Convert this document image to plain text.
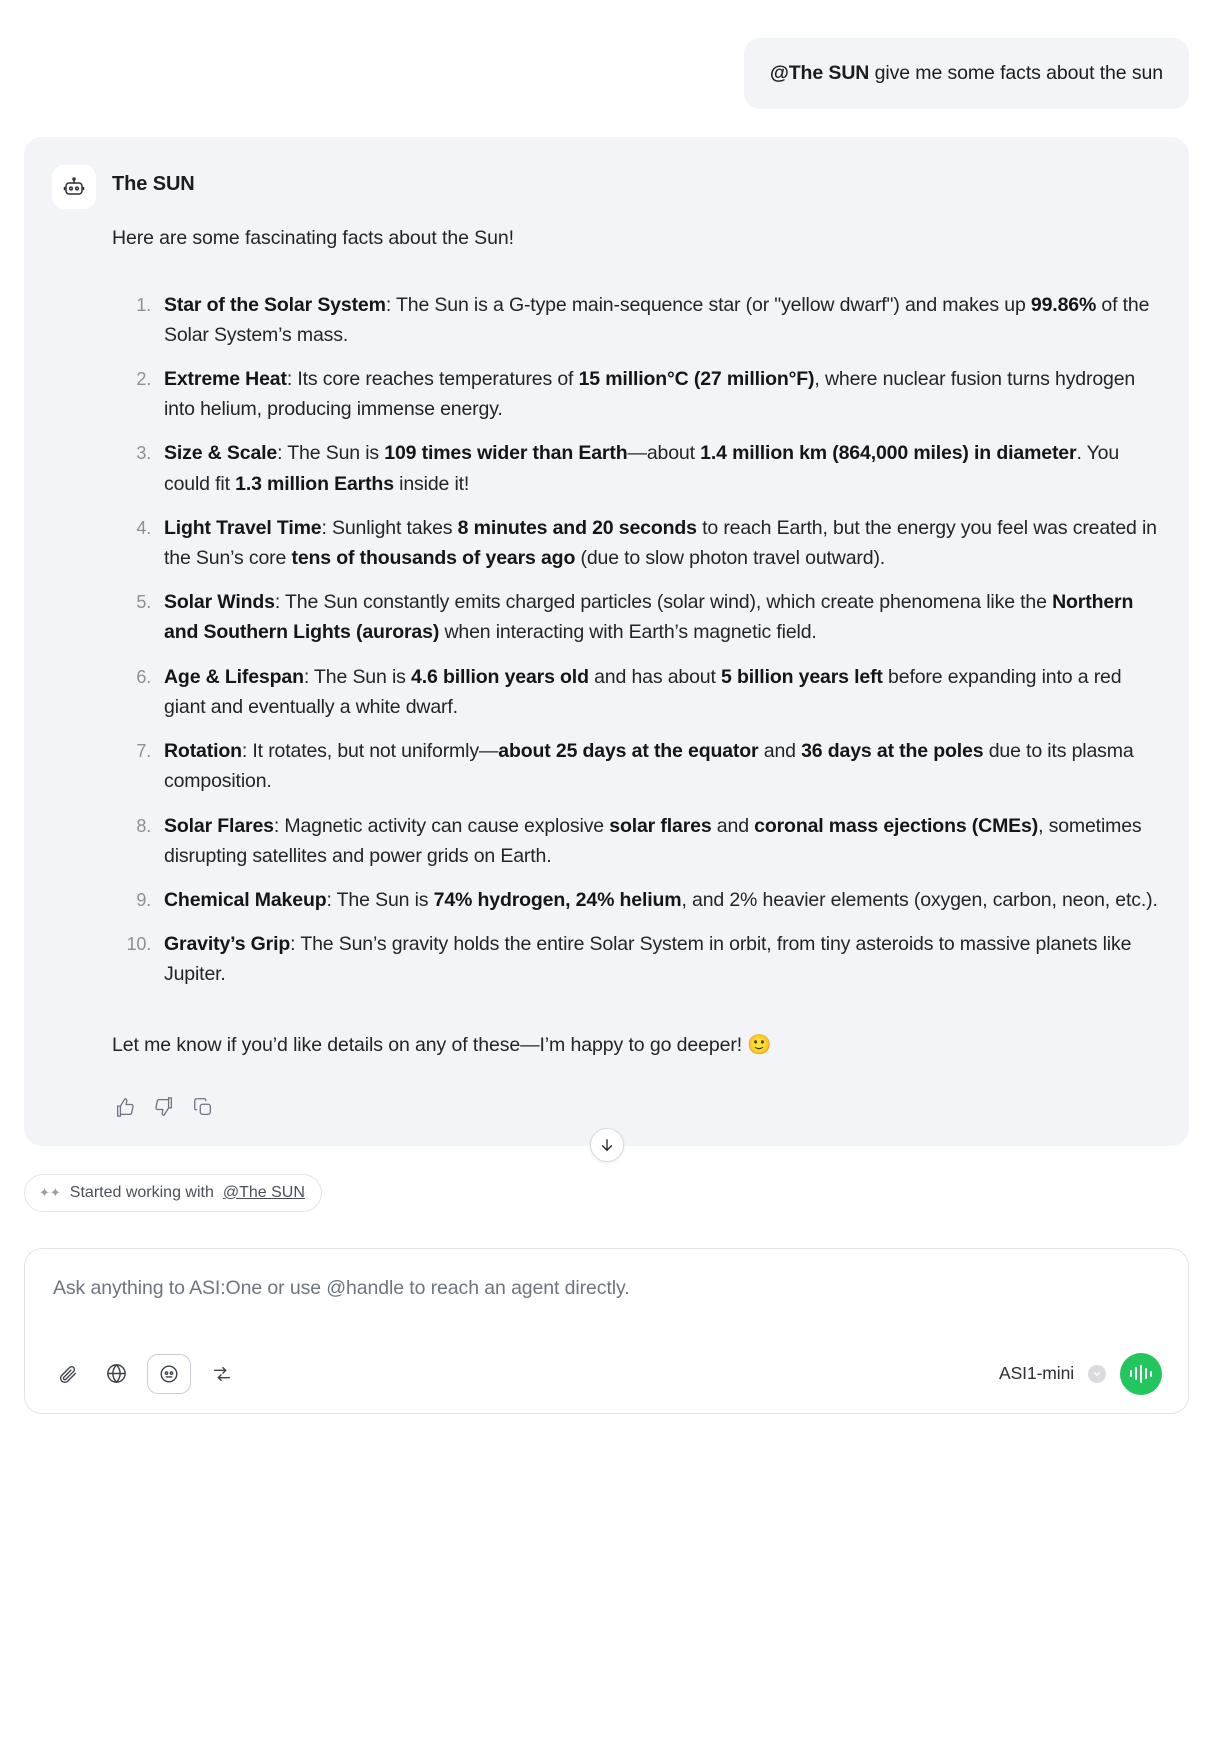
@The SUN give me some facts about the sun
The SUN
Here are some fascinating facts about the Sun!
1. Star of the Solar System: The Sun is a G-type main-sequence star (or "yellow dwarf") and makes up 99.86% of the Solar System’s mass.
2. Extreme Heat: Its core reaches temperatures of 15 million°C (27 million°F), where nuclear fusion turns hydrogen into helium, producing immense energy.
3. Size & Scale: The Sun is 109 times wider than Earth—about 1.4 million km (864,000 miles) in diameter. You could fit 1.3 million Earths inside it!
4. Light Travel Time: Sunlight takes 8 minutes and 20 seconds to reach Earth, but the energy you feel was created in the Sun’s core tens of thousands of years ago (due to slow photon travel outward).
5. Solar Winds: The Sun constantly emits charged particles (solar wind), which create phenomena like the Northern and Southern Lights (auroras) when interacting with Earth’s magnetic field.
6. Age & Lifespan: The Sun is 4.6 billion years old and has about 5 billion years left before expanding into a red giant and eventually a white dwarf.
7. Rotation: It rotates, but not uniformly—about 25 days at the equator and 36 days at the poles due to its plasma composition.
8. Solar Flares: Magnetic activity can cause explosive solar flares and coronal mass ejections (CMEs), sometimes disrupting satellites and power grids on Earth.
9. Chemical Makeup: The Sun is 74% hydrogen, 24% helium, and 2% heavier elements (oxygen, carbon, neon, etc.).
10. Gravity’s Grip: The Sun’s gravity holds the entire Solar System in orbit, from tiny asteroids to massive planets like Jupiter.
Let me know if you’d like details on any of these—I’m happy to go deeper! 🙂
✦✦ Started working with @The SUN
Ask anything to ASI:One or use @handle to reach an agent directly.
ASI1-mini
